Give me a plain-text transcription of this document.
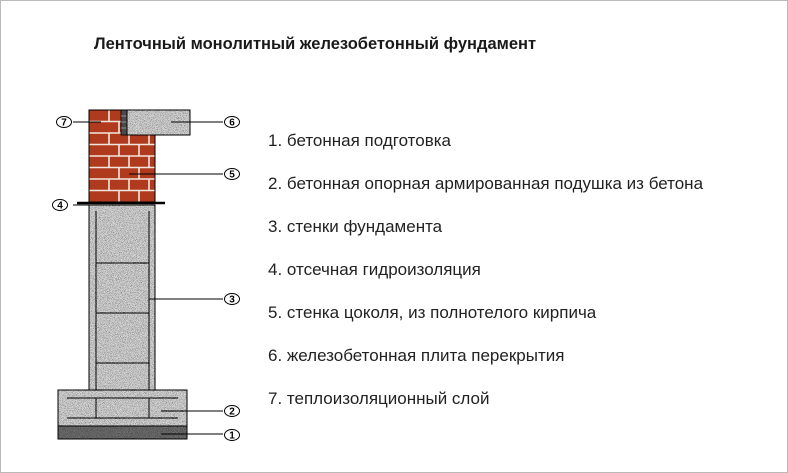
Ленточный монолитный железобетонный фундамент
7	6
5
4
3
2
1
1. бетонная подготовка
2. бетонная опорная армированная подушка из бетона
3. стенки фундамента
4. отсечная гидроизоляция
5. стенка цоколя, из полнотелого кирпича
6. железобетонная плита перекрытия
7. теплоизоляционный слой
